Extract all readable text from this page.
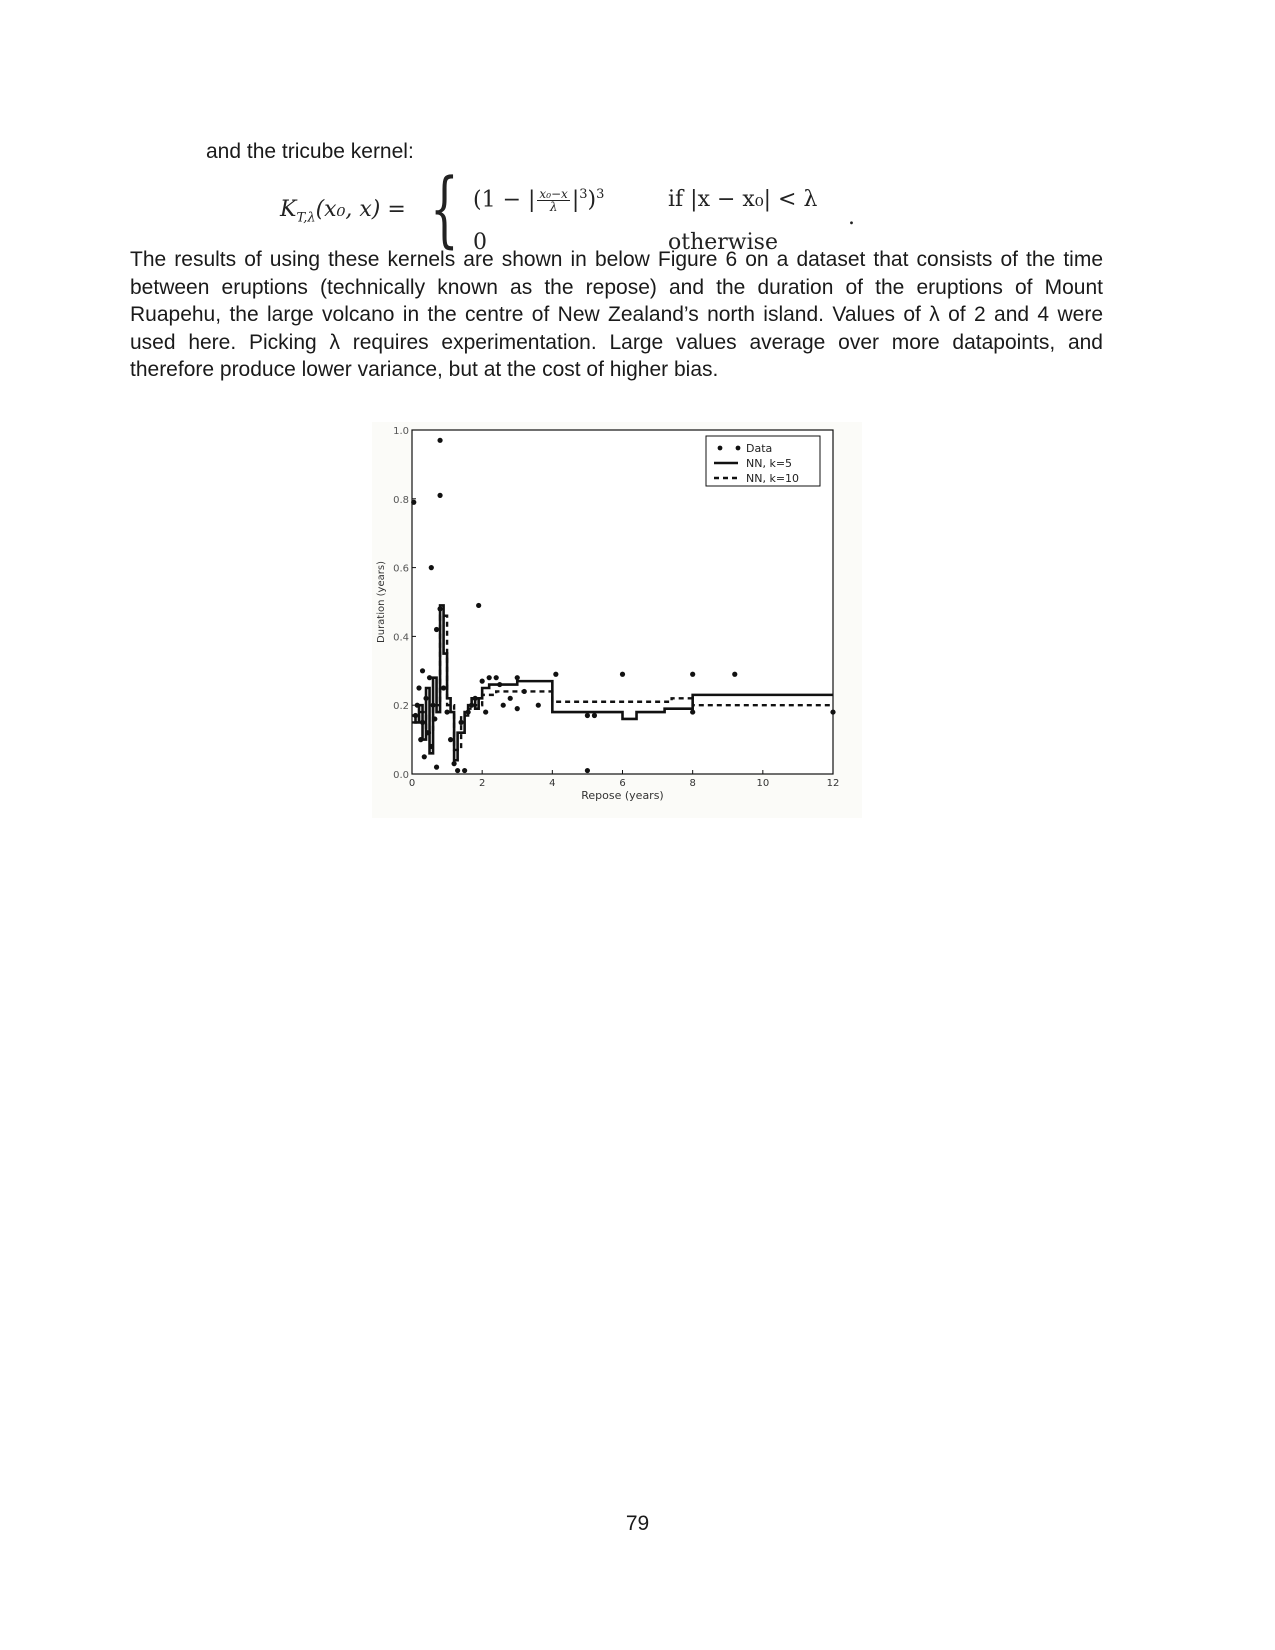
and the tricube kernel:
$K_{T,\lambda}(x_0$, x) = { (1 − | $\frac{\text{x₀−x}}{\lambda} |^3)^3$
0
if |x − x₀| < λ
otherwise
.
The results of using these kernels are shown in below Figure 6 on a dataset that consists of the time between eruptions (technically known as the repose) and the duration of the eruptions of Mount Ruapehu, the large volcano in the centre of New Zealand’s north island. Values of λ of 2 and 4 were used here. Picking λ requires experimentation. Large values average over more datapoints, and therefore produce lower variance, but at the cost of higher bias.
0	2	4	6	8	10	12
0.0
0.2
0.4
0.6
0.8
1.0
Repose (years)
Duration (years)
Data
NN, k=5
NN, k=10
79
